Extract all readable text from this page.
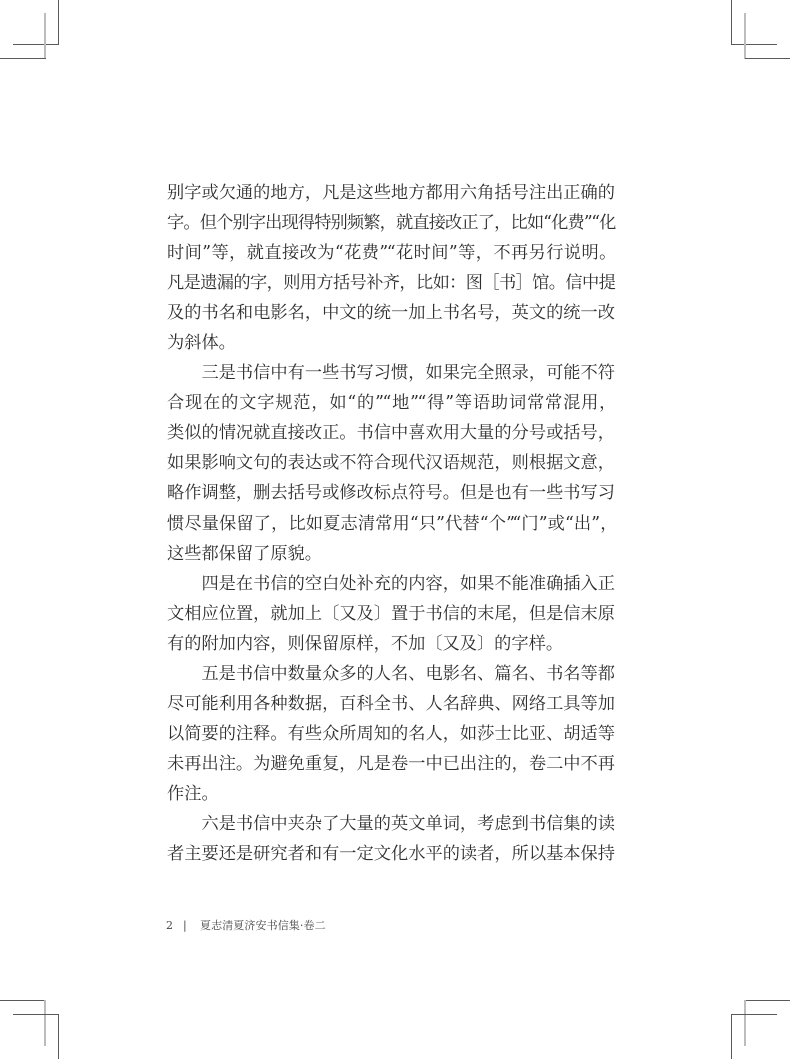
别字或欠通的地方，凡是这些地方都用六角括号注出正确的
字。但个别字出现得特别频繁，就直接改正了，比如“化费”“化
时间”等，就直接改为“花费”“花时间”等，不再另行说明。
凡是遗漏的字，则用方括号补齐，比如：图［书］馆。信中提
及的书名和电影名，中文的统一加上书名号，英文的统一改
为斜体。
三是书信中有一些书写习惯，如果完全照录，可能不符
合现在的文字规范，如“的”“地”“得”等语助词常常混用，
类似的情况就直接改正。书信中喜欢用大量的分号或括号，
如果影响文句的表达或不符合现代汉语规范，则根据文意，
略作调整，删去括号或修改标点符号。但是也有一些书写习
惯尽量保留了，比如夏志清常用“只”代替“个”“门”或“出”，
这些都保留了原貌。
四是在书信的空白处补充的内容，如果不能准确插入正
文相应位置，就加上〔又及〕置于书信的末尾，但是信末原
有的附加内容，则保留原样，不加〔又及〕的字样。
五是书信中数量众多的人名、电影名、篇名、书名等都
尽可能利用各种数据，百科全书、人名辞典、网络工具等加
以简要的注释。有些众所周知的名人，如莎士比亚、胡适等
未再出注。为避免重复，凡是卷一中已出注的，卷二中不再
作注。
六是书信中夹杂了大量的英文单词，考虑到书信集的读
者主要还是研究者和有一定文化水平的读者，所以基本保持
2 | 夏志清夏济安书信集·卷二
